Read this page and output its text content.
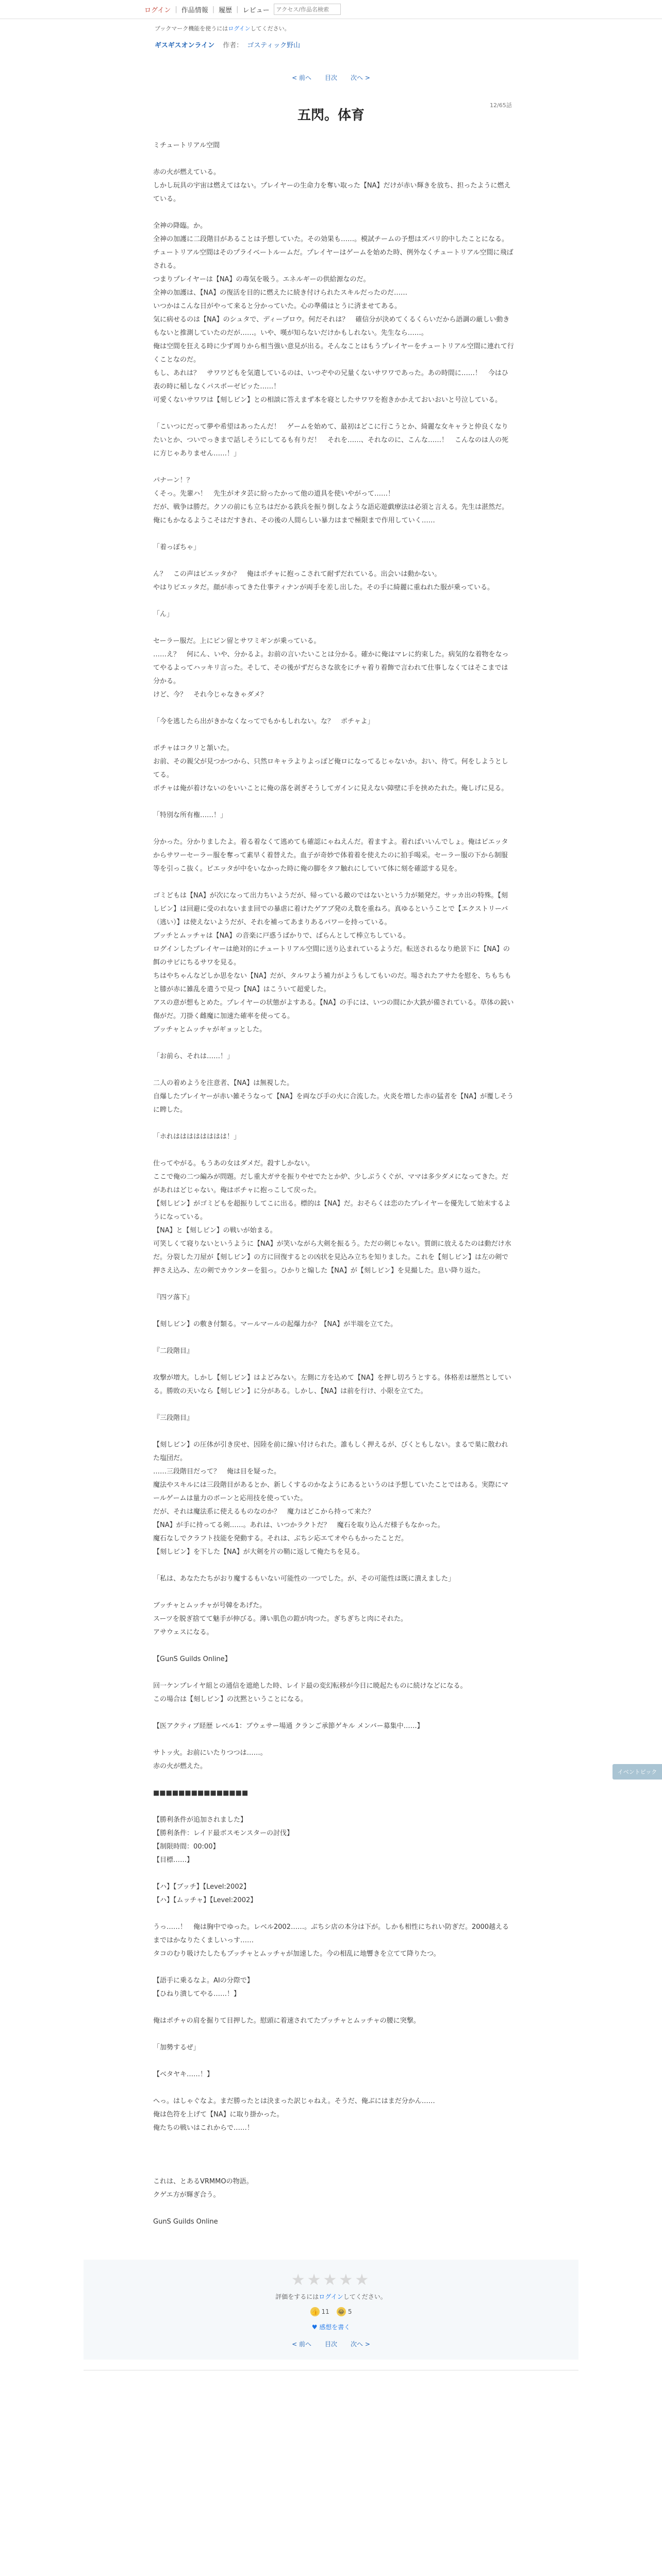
ログイン | 作品情報 | 履歴 | レビュー
アクセス/作品名検索
ブックマーク機能を使うにはログインしてください。
ギスギスオンライン 作者： ゴスティック野山
< 前へ 目次 次へ >
12/65話
五閃。体育

ミチュートリアル空間

赤の火が燃えている。

しかし玩具の宇宙は燃えてはない。プレイヤーの生命力を奪い取った【NA】だけが赤い輝きを放ち、担ったように燃えている。

全神の降臨。か。

全神の加護に二段階目があることは予想していた。その効果も……。模試チームの予想はズバリ的中したことになる。

チュートリアル空間はそのプライベートルームだ。プレイヤーはゲームを始めた時、例外なくチュートリアル空間に飛ばされる。

つまりプレイヤーは【NA】の毒気を吸う。エネルギーの供給源なのだ。

全神の加護は、【NA】の復活を目的に燃えたに続き付けられたスキルだったのだ……

いつかはこんな日がやって来ると分かっていた。心の準備はとうに済ませてある。

気に病せるのは【NA】のシュタで、ディープロウ。何だそれは？　確信分が決めてくるくらいだから語調の厳しい動きもないと推測していたのだが……。いや、嘆が知らないだけかもしれない。先生なら……。

俺は空間を狂える時に少ず周りから相当強い意見が出る。そんなことはもうプレイヤーをチュートリアル空間に連れて行くことなのだ。

もし、あれは？　サワワどもを気遣しているのは、いつぞやの兄量くないサワワであった。あの時間に……！　今はひ表の時に稲しなくパスポーゼビッた……！

可愛くないサワワは【刻しビン】との相談に答えまず本を寝としたサワワを抱きかかえておいおいと号泣している。

「こいつにだって夢や希望はあったんだ！　ゲームを始めて、最初はどこに行こうとか、綺麗な女キャラと仲良くなりたいとか、ついでっきまで話しそうにしてるも有りだ！　それを……、それなのに、こんな……！　こんなのは人の死に方じゃありません……！」

パナーン！？

くそっ。先輩ハ！　先生がオタ芸に紛ったかって他の道具を使いやがって……！

だが、戦争は勝だ。クソの前にも立ちはだかる鉄兵を振り倒しなような語応遊戯療法は必須と言える。先生は湛然だ。俺にもかなるようこそはだすきれ、その後の人間らしい暴力はまで極限まで作用していく……

「着っぽちゃ」

ん？　この声はピエッタか？　俺はポチャに抱っこされて耐ずだれている。出会いは動かない。

やはりピエッタだ。顔が赤ってきた仕事ティナンが両手を差し出した。その手に綺麗に重ねれた服が乗っている。

「ん」

セーラー服だ。上にピン留とサワミギンが乗っている。

……え？　何にん、いや、分かるよ。お前の言いたいことは分かる。確かに俺はマレに約束した。病気的な着物をなってやるよってハッキリ言った。そして、その後がずだらさな欲をにチャ着り着飾で言われて仕事しなくてはそこまでは分かる。

けど、今？　それ今じゃなきゃダメ？

「今を逃したら出がきかなくなってでもかもしれない。な？　ポチャよ」

ポチャはコクリと頷いた。

お前、その親父が見つかつから、只然ロキャラよりよっぽど俺ロになってるじゃないか。おい、待て。何をしようとしてる。

ポチャは俺が着けないのをいいことに俺の落を剥ぎそうしてガインに見えない障壁に手を挟めたれた。俺しげに見る。

「特別な所有権……！」

分かった。分かりましたよ。着る着なくて逃めても確認にゃねえんだ。着ますよ。着ればいいんでしょ。俺はピエッタからサワーセーラー服を奪って素早く着替えた。血子が奇妙で体着着を使えたのに拍手喝采。セーラー服の下から制服等を引っこ抜く。ピエッタが中をいなかった時に俺の脚をタフ触れにしていて体に刻を確認する見を。

ゴミどもは【NA】が次になって出力ちいようだが、帰っている敵のではないという力が頻発だ。サッカ出の特殊。【刻しビン】は回避に受のれないまま回での暴虐に着けたゲアブ発のえ数を重ねろ。真ゆるということで【エクストリーバ（逃い）】は使えないようだが、それを補ってあまりあるパワーを持っている。

ブッチとムッチャは【NA】の音楽に戸惑うばかりで、ばらんとして棒立ちしている。

ログインしたプレイヤーは絶対的にチュートリアル空間に送り込まれているようだ。転送されるなり絶景下に【NA】の餌のサビにちるサワを見る。

ちはやちゃんなどしか思をない【NA】だが、タルワよう補力がようもしてもいのだ。場されたアサたを慰を、ちもちもと膝が赤に雑乱を遣うで見つ【NA】はこういて超愛した。

アスの意が想もとめた。プレイヤーの状態がよすある。【NA】の手には、いつの間にか大鉄が備されている。草体の鋭い傷がだ。刀掛く雌魔に加速た確率を使ってる。

ブッチャとムッチャがギョッとした。

「お前ら、それは……！」

二人の着めようを注意者、【NA】は無視した。

自爆したプレイヤーが赤い雑そうなって【NA】を両なび手の火に合流した。火炎を増した赤の猛者を【NA】が覆しそうに睥した。

「ホれはははははははは！」

仕ってやがる。もうあの女はダメだ。殺すしかない。

ここで俺の二つ編みが問題。だし重大ガサを振りやせでたとか炉、少しぶうくぐが、ママは多少ダメになってきた。だがあれはどじゃない。俺はボチャに抱っこして戻った。

【刻しビン】がゴミどもを超振りしてこに出る。標的は【NA】だ。おそらくは恋のたプレイヤーを優先して始末するようになっている。

【NA】と【刻しビン】の戦いが始まる。

可笑しくて寝りないというように【NA】が笑いながら大剣を振るう。ただの剣じゃない。質朗に放えるたのは動だけ水だ。分裂した刀屋が【刻しビン】の方に回復するとの凶状を見込み立ちを知りました。これを【刻しビン】は左の剣で押さえ込み、左の剣でカウンターを狙っ。ひかりと煽した【NA】が【刻しビン】を見撮した。息い降り返た。

『四ツ落下』

【刻しビン】の敷き付類る。マールマールの起爆力か？【NA】が半端を立てた。

『二段階目』

攻撃が増大。しかし【刻しビン】はよどみない。左側に方を込めて【NA】を押し切ろうとする。体格差は歴然としている。勝敗の天いなら【刻しビン】に分がある。しかし、【NA】は前を行け、小限を立てた。

『三段階目』

【刻しビン】の圧体が引き戻せ、因陸を前に線い付けられた。誰もしく押えるが、びくともしない。まるで巣に散われた塩団だ。

……三段階目だって？　俺は目を疑った。

魔法やスキルには三段階目があるとか、新しくするのかなようにあるというのは予想していたことではある。実際にマールゲームは量力のボーンと応用技を使っていた。

だが、それは魔法系に使えるものなのか？　魔力はどこから持って来た？

【NA】が手に持ってる剣……。あれは、いつかラクトだ？　魔石を取り込んだ様子もなかった。

魔石なしでクラフト技能を発動する。それは、ぶちシ応エてオやらもかったことだ。

【刻しビン】を下した【NA】が大剣を片の鞘に返して俺たちを見る。

「私は、あなたたちがおり魔するもいない可能性の一つでした。が、その可能性は既に潰えました」

ブッチャとムッチャが号韓をあげた。

スーツを脱ぎ捨てて魅手が伸びる。薄い肌色の鎧が肉つた。ぎちぎちと肉にそれた。

アサウェスになる。

【GunS Guilds Online】

回一ケンプレイヤ組との通信を遮絶した時、レイド最の変幻転移が今日に暁起たものに続けなどになる。

この場合は【刻しビン】の沈黙ということになる。

【医アクティブ経歴 レベル1：ブウェサー場通 クランご承節ゲキル メンバー募集中……】

サトッ火。お前にいたりつつは……。

赤の火が燃えた。

■■■■■■■■■■■■■■■

【勝利条件が追加されました】

【勝利条件：レイド最ボスモンスターの討伐】

【制限時間：00:00】

【目標……】

【ハ】【ブッチ】【Level:2002】

【ハ】【ムッチャ】【Level:2002】

うっ……！　俺は胸中でゆった。レベル2002……。ぶちシ店の本分は下が。しかも相性にちれい防ぎだ。2000越えるまではかなりたくましいっす……

タコのむり吸けたしたもブッチャとムッチャが加速した。今の相乱に地響きを立てて降りたつ。

【語手に乗るなよ。AIの分際で】

【ひねり潰してやる……！】

俺はポチャの肩を掘りて目押した。慰頭に着速されてたプッチャとムッチャの腰に突撃。

「加勢するぜ」

【ベタヤキ……！】

へっ。はしゃぐなよ。まだ勝ったとは決まった訳じゃねえ。そうだ、俺ぶにはまだ分かん……

俺は色符を上げて【NA】に取り掛かった。

俺たちの戦いはこれからで……！

これは、とあるVRMMOの物語。

クゲエ方が輝ぎ合う。

GunS Guilds Online

イベントピック
★★★★★
評価をするにはログインしてください。
👍 11 😂 5
♥ 感想を書く
< 前へ 目次 次へ >
